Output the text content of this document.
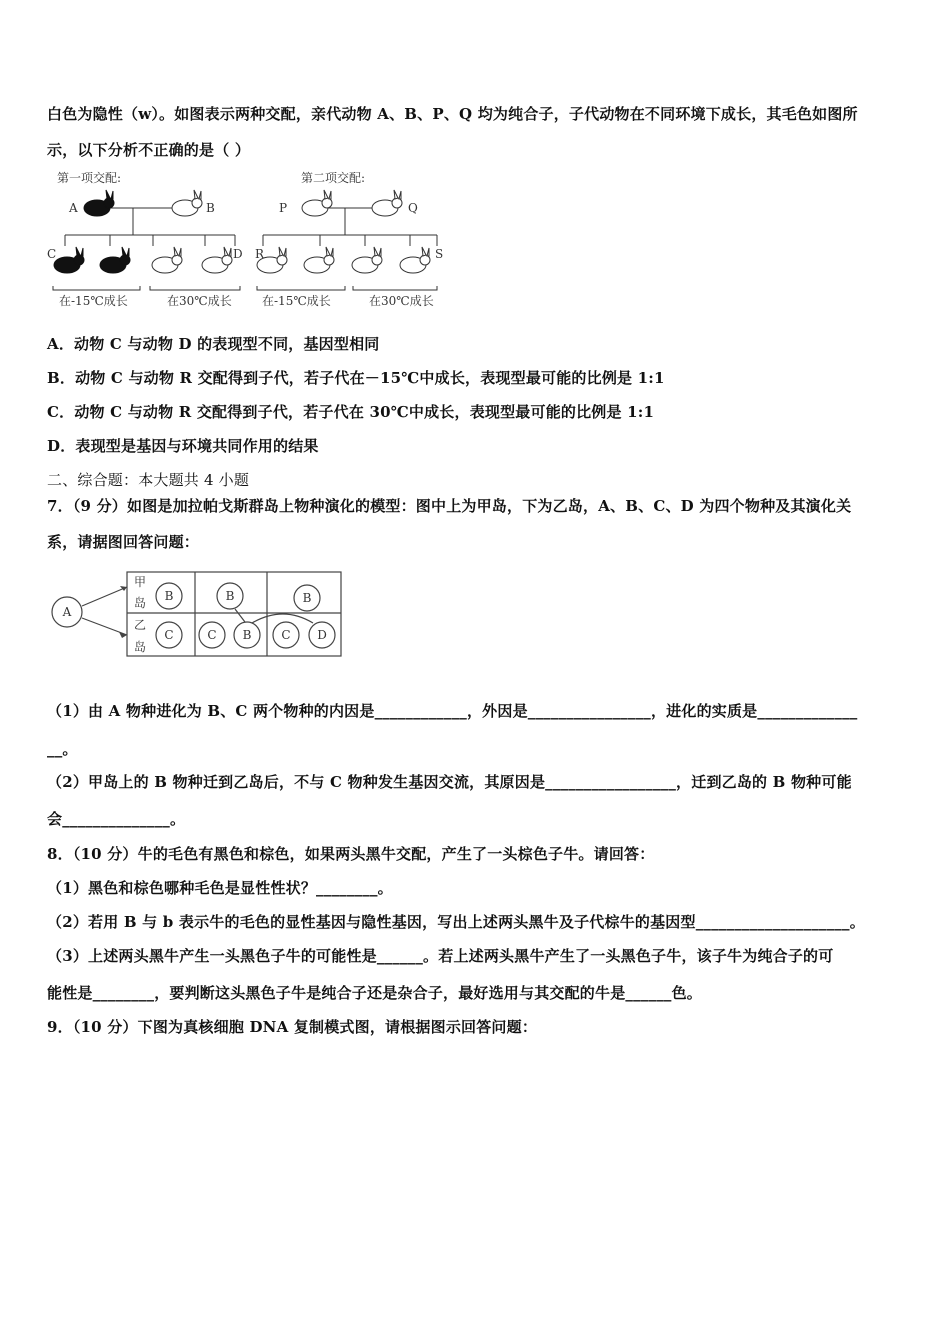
白色为隐性（w）。如图表示两种交配，亲代动物 A、B、P、Q 均为纯合子，子代动物在不同环境下成长，其毛色如图所
示，以下分析不正确的是（ ）
第一项交配:	第二项交配:
A	B	P	Q
C	D R	S
在-15℃成长	在30℃成长	在-15℃成长	在30℃成长
A．动物 C 与动物 D 的表现型不同，基因型相同
B．动物 C 与动物 R 交配得到子代，若子代在－15℃中成长，表现型最可能的比例是 1:1
C．动物 C 与动物 R 交配得到子代，若子代在 30℃中成长，表现型最可能的比例是 1:1
D．表现型是基因与环境共同作用的结果
二、综合题：本大题共 4 小题
7．（9 分）如图是加拉帕戈斯群岛上物种演化的模型：图中上为甲岛，下为乙岛，A、B、C、D 为四个物种及其演化关
系，请据图回答问题：
A
甲
岛
乙
岛
B
C
B
C B
B
C D
（1）由 A 物种进化为 B、C 两个物种的内因是____________，外因是________________，进化的实质是_____________
__。
（2）甲岛上的 B 物种迁到乙岛后，不与 C 物种发生基因交流，其原因是_________________，迁到乙岛的 B 物种可能
会______________。
8．（10 分）牛的毛色有黑色和棕色，如果两头黑牛交配，产生了一头棕色子牛。请回答：
（1）黑色和棕色哪种毛色是显性性状？________。
（2）若用 B 与 b 表示牛的毛色的显性基因与隐性基因，写出上述两头黑牛及子代棕牛的基因型____________________。
（3）上述两头黑牛产生一头黑色子牛的可能性是______。若上述两头黑牛产生了一头黑色子牛，该子牛为纯合子的可
能性是________，要判断这头黑色子牛是纯合子还是杂合子，最好选用与其交配的牛是______色。
9．（10 分）下图为真核细胞 DNA 复制模式图，请根据图示回答问题：
